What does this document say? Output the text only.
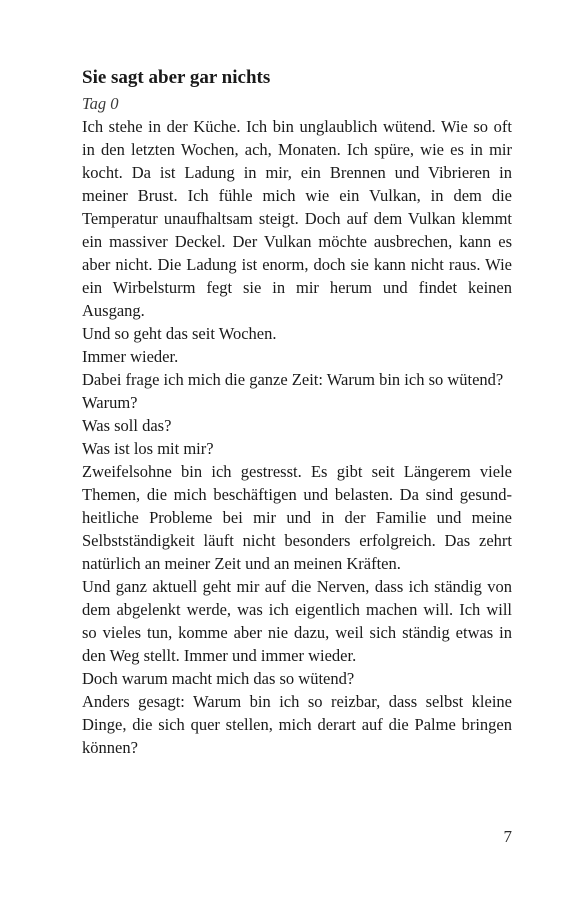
Sie sagt aber gar nichts

Tag 0

Ich stehe in der Küche. Ich bin unglaublich wütend. Wie so oft in den letzten Wochen, ach, Monaten. Ich spüre, wie es in mir kocht. Da ist Ladung in mir, ein Brennen und Vibrieren in meiner Brust. Ich fühle mich wie ein Vulkan, in dem die Temperatur unaufhaltsam steigt. Doch auf dem Vulkan klemmt ein massiver Deckel. Der Vulkan möchte ausbrechen, kann es aber nicht. Die Ladung ist enorm, doch sie kann nicht raus. Wie ein Wirbelsturm fegt sie in mir herum und findet keinen Ausgang.

Und so geht das seit Wochen.

Immer wieder.

Dabei frage ich mich die ganze Zeit: Warum bin ich so wütend?

Warum?

Was soll das?

Was ist los mit mir?

Zweifelsohne bin ich gestresst. Es gibt seit Längerem viele Themen, die mich beschäftigen und belasten. Da sind gesundheitliche Probleme bei mir und in der Familie und meine Selbstständigkeit läuft nicht besonders erfolgreich. Das zehrt natürlich an meiner Zeit und an meinen Kräften.

Und ganz aktuell geht mir auf die Nerven, dass ich ständig von dem abgelenkt werde, was ich eigentlich machen will. Ich will so vieles tun, komme aber nie dazu, weil sich ständig etwas in den Weg stellt. Immer und immer wieder.

Doch warum macht mich das so wütend?

Anders gesagt: Warum bin ich so reizbar, dass selbst kleine Dinge, die sich quer stellen, mich derart auf die Palme bringen können?

7
